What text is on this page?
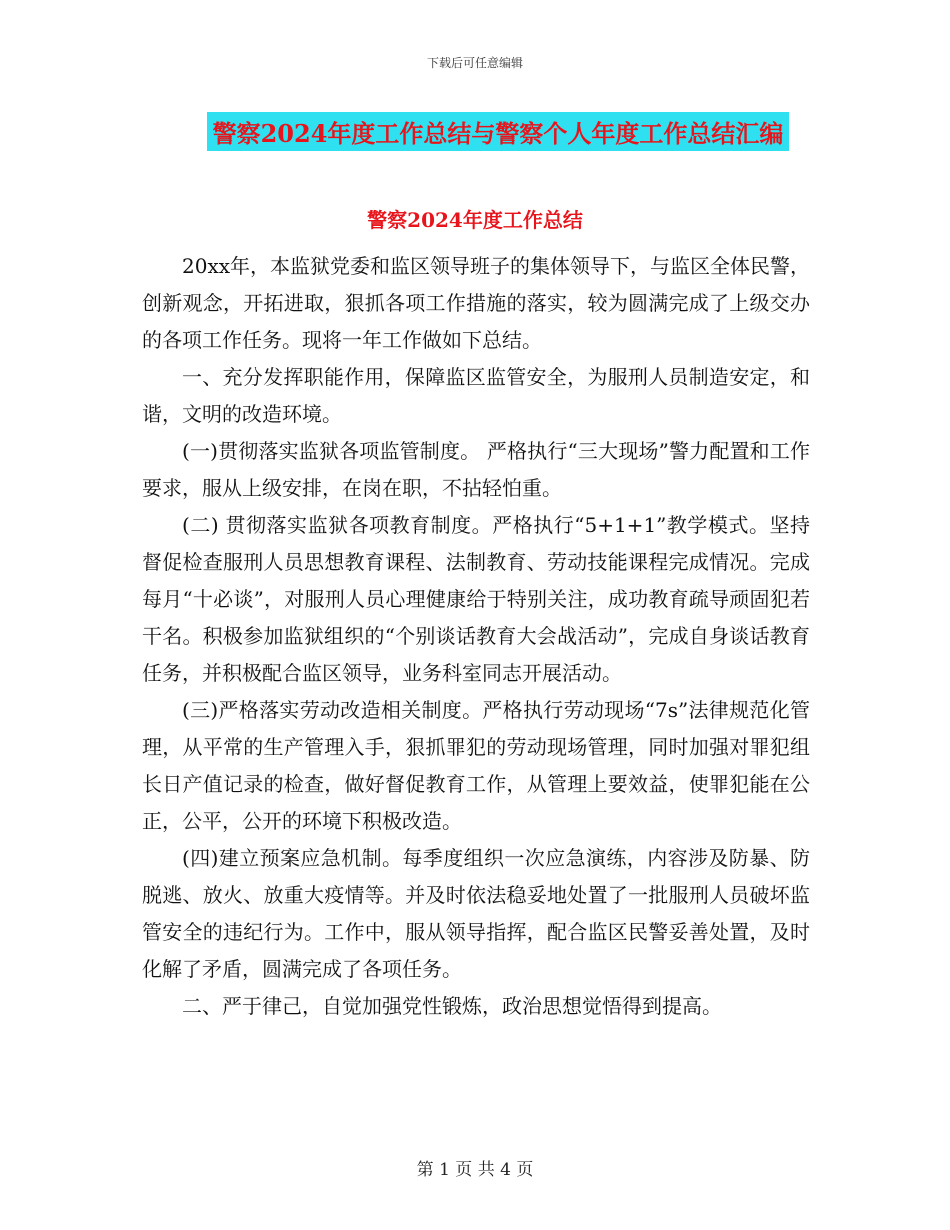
下载后可任意编辑
警察2024年度工作总结与警察个人年度工作总结汇编
警察2024年度工作总结

20xx年，本监狱党委和监区领导班子的集体领导下，与监区全体民警，创新观念，开拓进取，狠抓各项工作措施的落实，较为圆满完成了上级交办的各项工作任务。现将一年工作做如下总结。

一、充分发挥职能作用，保障监区监管安全，为服刑人员制造安定，和谐，文明的改造环境。

(一)贯彻落实监狱各项监管制度。 严格执行“三大现场”警力配置和工作要求，服从上级安排，在岗在职，不拈轻怕重。

(二) 贯彻落实监狱各项教育制度。严格执行“5+1+1”教学模式。坚持督促检查服刑人员思想教育课程、法制教育、劳动技能课程完成情况。完成每月“十必谈”，对服刑人员心理健康给于特别关注，成功教育疏导顽固犯若干名。积极参加监狱组织的“个别谈话教育大会战活动”，完成自身谈话教育任务，并积极配合监区领导，业务科室同志开展活动。

(三)严格落实劳动改造相关制度。严格执行劳动现场“7s”法律规范化管理，从平常的生产管理入手，狠抓罪犯的劳动现场管理，同时加强对罪犯组长日产值记录的检查，做好督促教育工作，从管理上要效益，使罪犯能在公正，公平，公开的环境下积极改造。

(四)建立预案应急机制。每季度组织一次应急演练，内容涉及防暴、防脱逃、放火、放重大疫情等。并及时依法稳妥地处置了一批服刑人员破坏监管安全的违纪行为。工作中，服从领导指挥，配合监区民警妥善处置，及时化解了矛盾，圆满完成了各项任务。

二、严于律己，自觉加强党性锻炼，政治思想觉悟得到提高。

第 1 页 共 4 页
